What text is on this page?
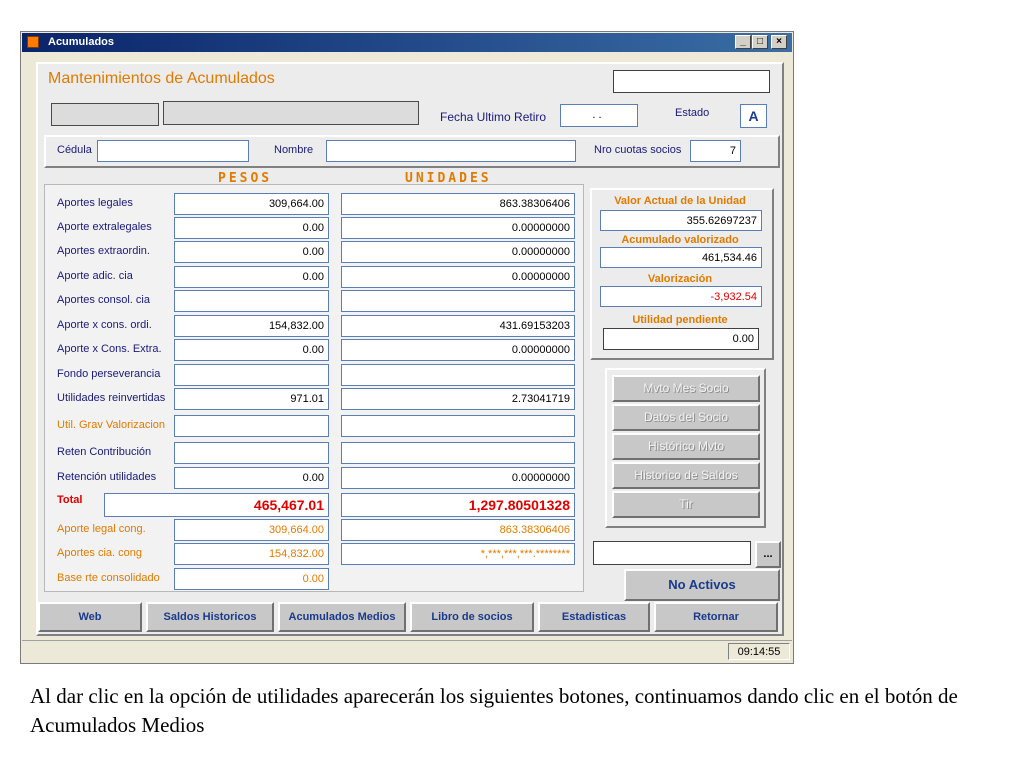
Acumulados	_	□	×
Mantenimientos de Acumulados
Fecha Ultimo Retiro	. .	Estado	A
Cédula	Nombre	Nro cuotas socios	7
PESOS	UNIDADES
Aportes legales	309,664.00	863.38306406
Aporte extralegales	0.00	0.00000000
Aportes extraordin.	0.00	0.00000000
Aporte adic. cia	0.00	0.00000000
Aportes consol. cia
Aporte x cons. ordi.	154,832.00	431.69153203
Aporte x Cons. Extra.	0.00	0.00000000
Fondo perseverancia
Utilidades reinvertidas	971.01	2.73041719
Util. Grav Valorizacion
Reten Contribución
Retención utilidades	0.00	0.00000000
Total	465,467.01	1,297.80501328
Aporte legal cong.	309,664.00	863.38306406
Aportes cia. cong	154,832.00	*,***,***,***.********
Base rte consolidado	0.00
Valor Actual de la Unidad
355.62697237
Acumulado valorizado
461,534.46
Valorización
-3,932.54
Utilidad pendiente
0.00
Mvto Mes Socio
Datos del Socio
Histórico Mvto
Historico de Saldos
Tir
...
No Activos
Web	Saldos Historicos	Acumulados Medios	Libro de socios	Estadisticas	Retornar
09:14:55
Al dar clic en la opción de utilidades aparecerán los siguientes botones, continuamos dando clic en el botón de Acumulados Medios
